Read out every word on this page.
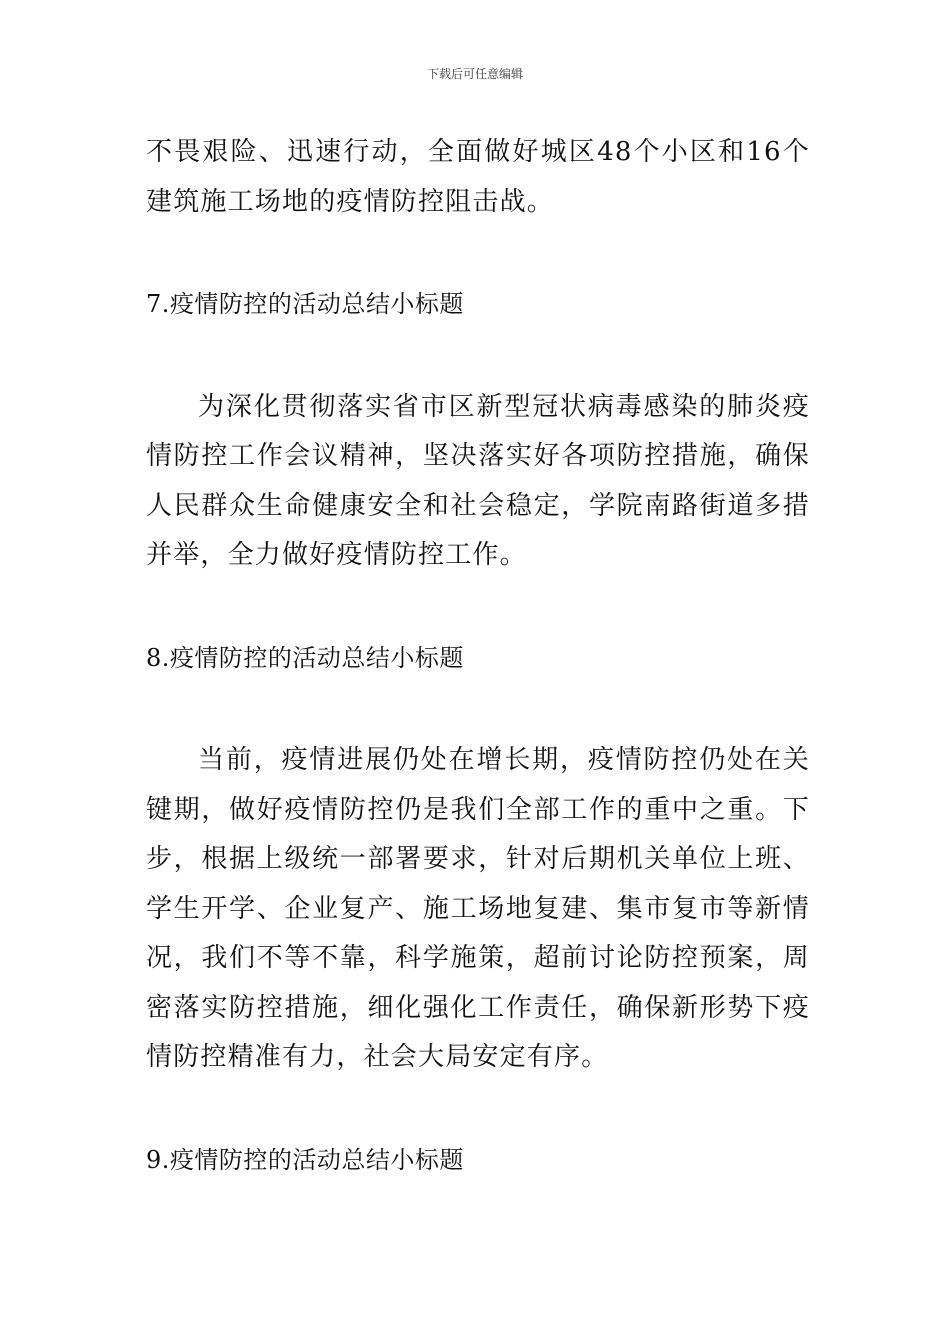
下载后可任意编辑

不畏艰险、迅速行动，全面做好城区48个小区和16个建筑施工场地的疫情防控阻击战。

7.疫情防控的活动总结小标题

为深化贯彻落实省市区新型冠状病毒感染的肺炎疫情防控工作会议精神，坚决落实好各项防控措施，确保人民群众生命健康安全和社会稳定，学院南路街道多措并举，全力做好疫情防控工作。

8.疫情防控的活动总结小标题

当前，疫情进展仍处在增长期，疫情防控仍处在关键期，做好疫情防控仍是我们全部工作的重中之重。下步，根据上级统一部署要求，针对后期机关单位上班、学生开学、企业复产、施工场地复建、集市复市等新情况，我们不等不靠，科学施策，超前讨论防控预案，周密落实防控措施，细化强化工作责任，确保新形势下疫情防控精准有力，社会大局安定有序。

9.疫情防控的活动总结小标题
